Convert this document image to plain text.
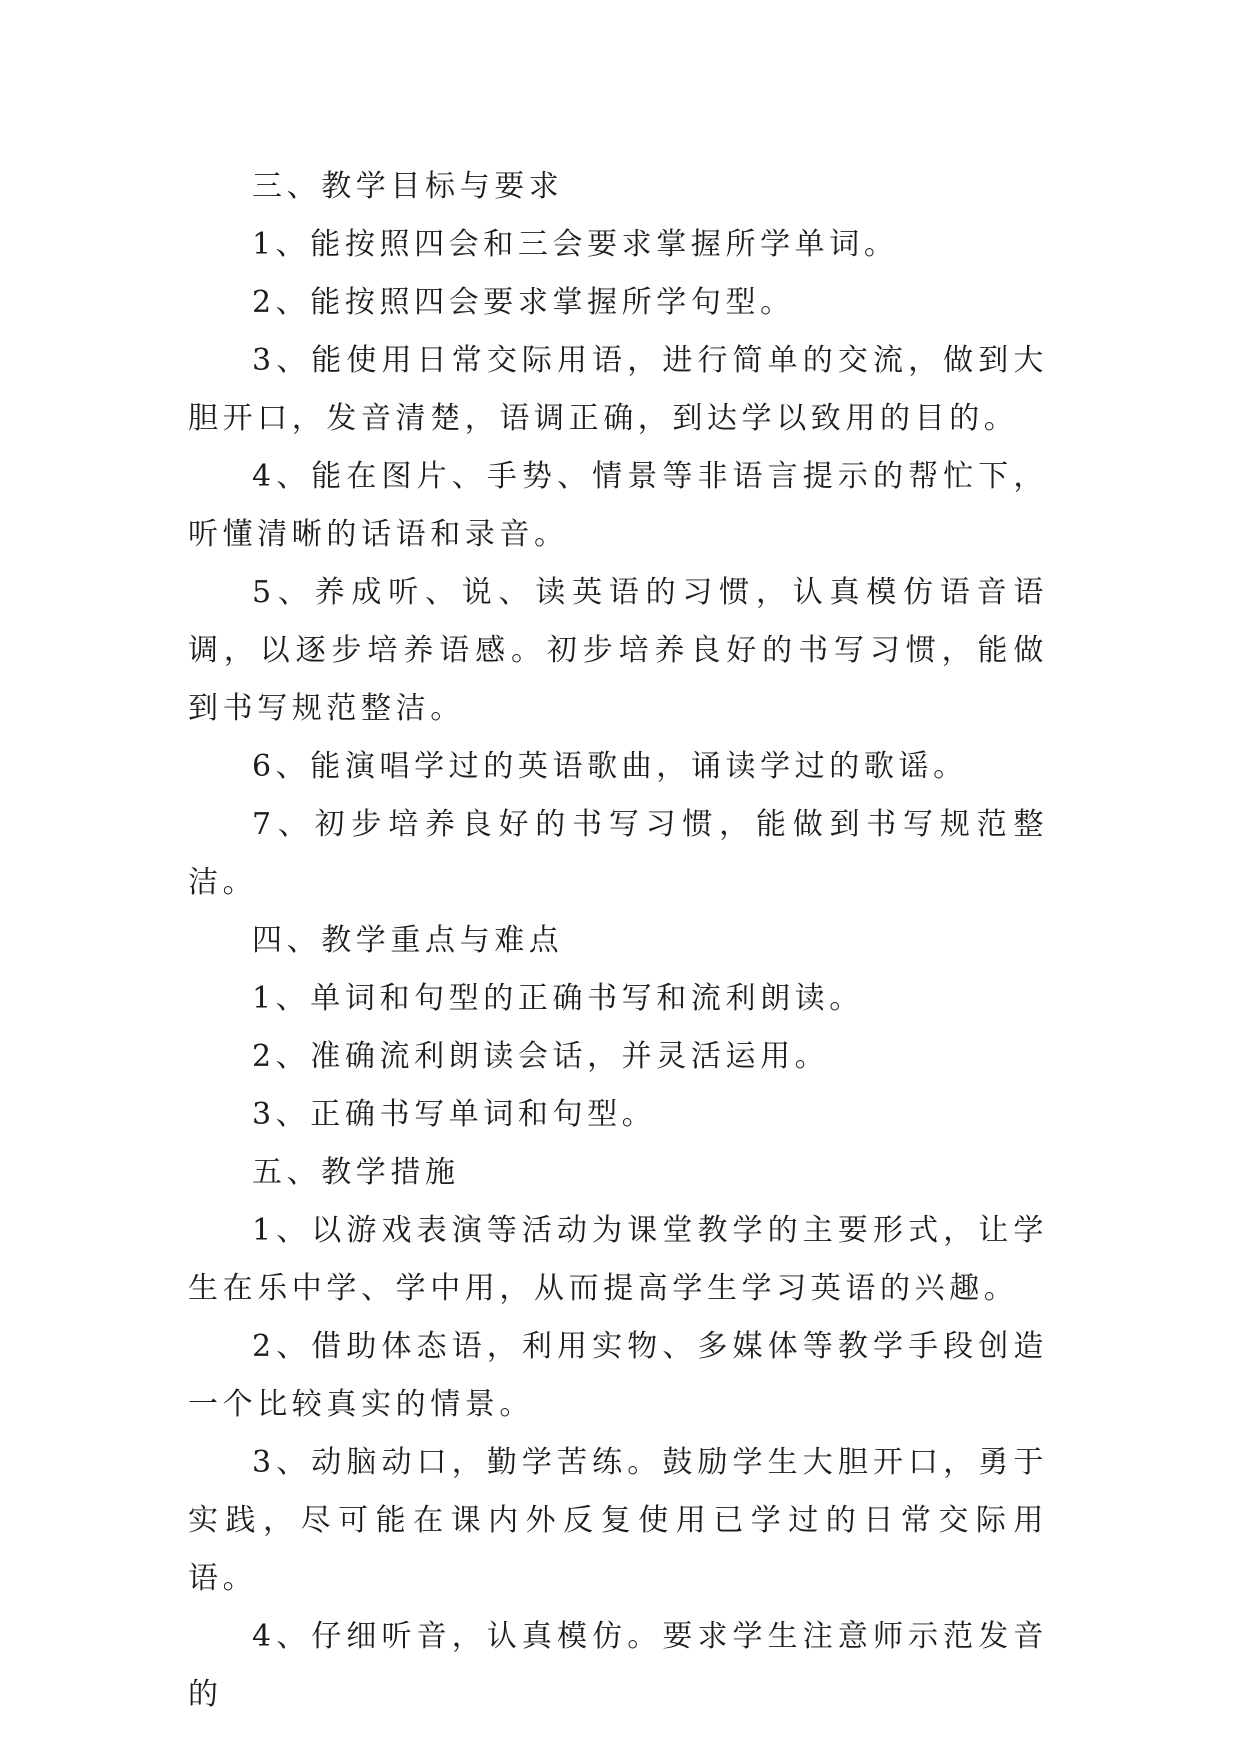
三、教学目标与要求

1、能按照四会和三会要求掌握所学单词。

2、能按照四会要求掌握所学句型。

3、能使用日常交际用语，进行简单的交流，做到大胆开口，发音清楚，语调正确，到达学以致用的目的。

4、能在图片、手势、情景等非语言提示的帮忙下，听懂清晰的话语和录音。

5、养成听、说、读英语的习惯，认真模仿语音语调，以逐步培养语感。初步培养良好的书写习惯，能做到书写规范整洁。

6、能演唱学过的英语歌曲，诵读学过的歌谣。

7、初步培养良好的书写习惯，能做到书写规范整洁。

四、教学重点与难点

1、单词和句型的正确书写和流利朗读。

2、准确流利朗读会话，并灵活运用。

3、正确书写单词和句型。

五、教学措施

1、以游戏表演等活动为课堂教学的主要形式，让学生在乐中学、学中用，从而提高学生学习英语的兴趣。

2、借助体态语，利用实物、多媒体等教学手段创造一个比较真实的情景。

3、动脑动口，勤学苦练。鼓励学生大胆开口，勇于实践，尽可能在课内外反复使用已学过的日常交际用语。

4、仔细听音，认真模仿。要求学生注意师示范发音的
